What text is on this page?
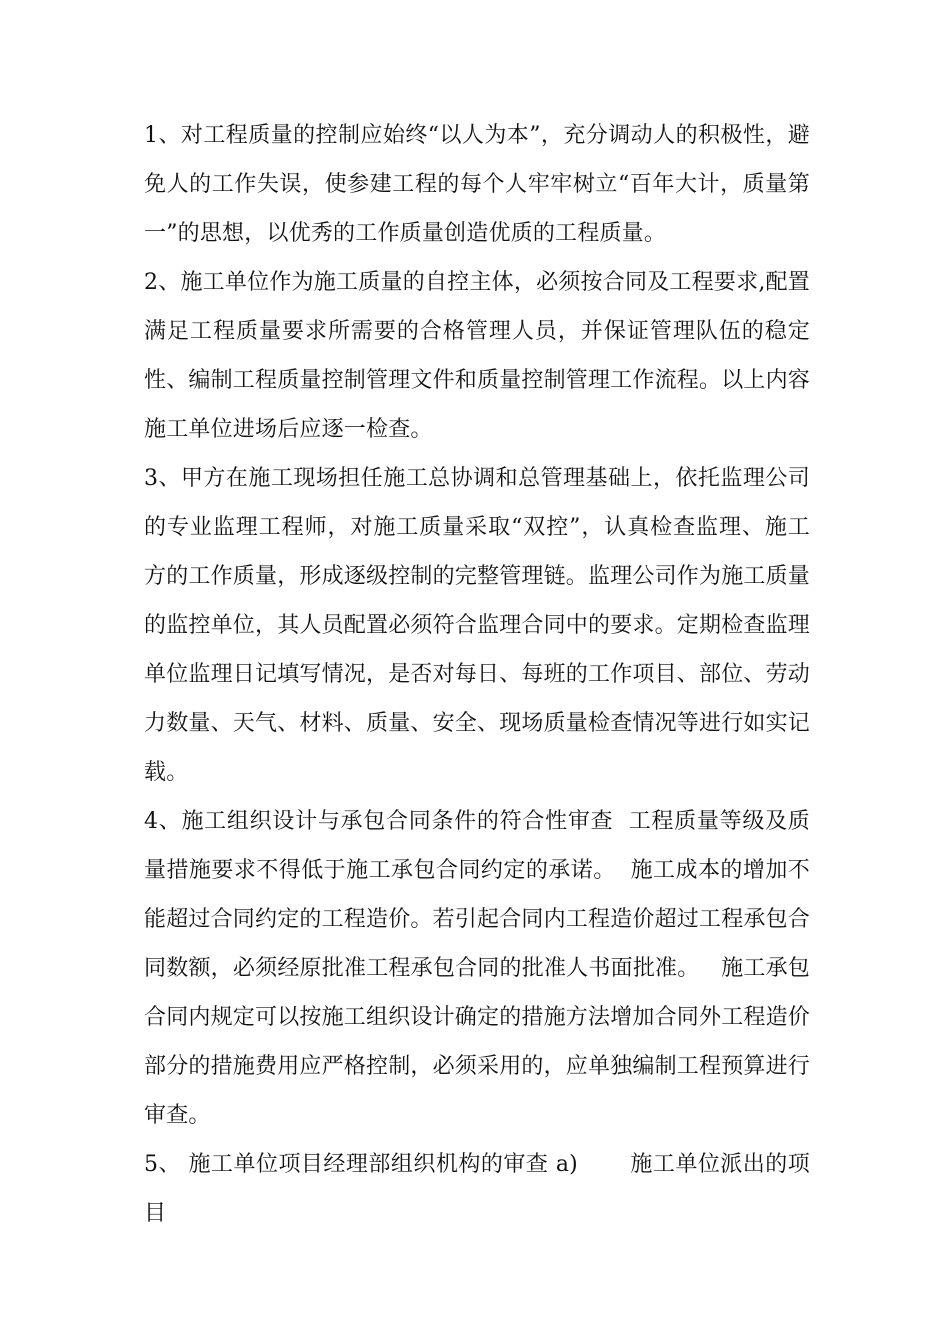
1、对工程质量的控制应始终“以人为本”，充分调动人的积极性，避免人的工作失误，使参建工程的每个人牢牢树立“百年大计，质量第一”的思想，以优秀的工作质量创造优质的工程质量。

2、施工单位作为施工质量的自控主体，必须按合同及工程要求,配置满足工程质量要求所需要的合格管理人员，并保证管理队伍的稳定性、编制工程质量控制管理文件和质量控制管理工作流程。以上内容施工单位进场后应逐一检查。

3、甲方在施工现场担任施工总协调和总管理基础上，依托监理公司的专业监理工程师，对施工质量采取“双控”，认真检查监理、施工方的工作质量，形成逐级控制的完整管理链。监理公司作为施工质量的监控单位，其人员配置必须符合监理合同中的要求。定期检查监理单位监理日记填写情况，是否对每日、每班的工作项目、部位、劳动力数量、天气、材料、质量、安全、现场质量检查情况等进行如实记载。

4、施工组织设计与承包合同条件的符合性审查  工程质量等级及质量措施要求不得低于施工承包合同约定的承诺。  施工成本的增加不能超过合同约定的工程造价。若引起合同内工程造价超过工程承包合同数额，必须经原批准工程承包合同的批准人书面批准。   施工承包合同内规定可以按施工组织设计确定的措施方法增加合同外工程造价部分的措施费用应严格控制，必须采用的，应单独编制工程预算进行审查。

5、 施工单位项目经理部组织机构的审查 a)       施工单位派出的项目
